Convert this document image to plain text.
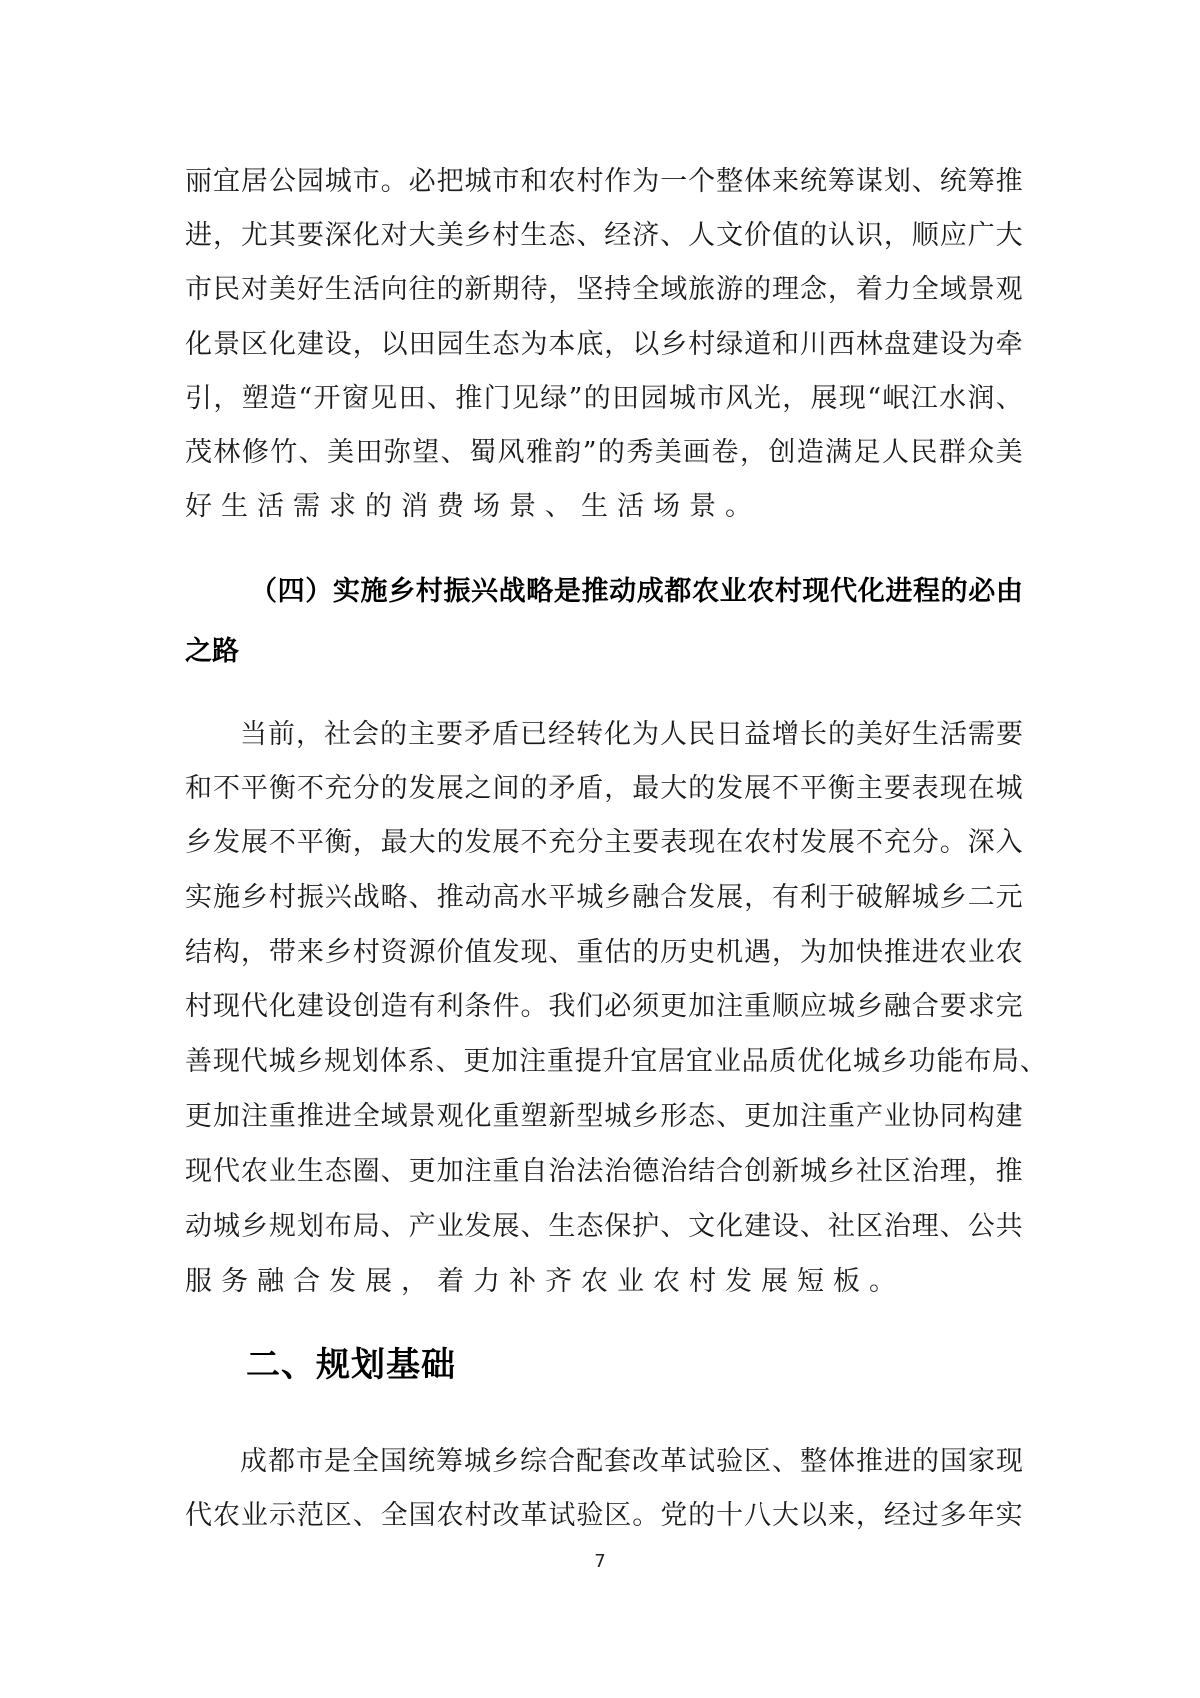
丽 宜 居 公 园 城 市 。 必 把 城 市 和 农 村 作 为 一 个 整 体 来 统 筹 谋 划 、 统 筹 推
进 ， 尤 其 要 深 化 对 大 美 乡 村 生 态 、 经 济 、 人 文 价 值 的 认 识 ， 顺 应 广 大
市 民 对 美 好 生 活 向 往 的 新 期 待 ， 坚 持 全 域 旅 游 的 理 念 ， 着 力 全 域 景 观
化 景 区 化 建 设 ， 以 田 园 生 态 为 本 底 ， 以 乡 村 绿 道 和 川 西 林 盘 建 设 为 牵
引 ， 塑 造 “ 开 窗 见 田 、 推 门 见 绿 ” 的 田 园 城 市 风 光 ， 展 现 “ 岷 江 水 润 、
茂 林 修 竹 、 美 田 弥 望 、 蜀 风 雅 韵 ” 的 秀 美 画 卷 ， 创 造 满 足 人 民 群 众 美
好生活需求的消费场景、生活场景。
（ 四 ） 实 施 乡 村 振 兴 战 略 是 推 动 成 都 农 业 农 村 现 代 化 进 程 的 必 由
之路
当 前 ， 社 会 的 主 要 矛 盾 已 经 转 化 为 人 民 日 益 增 长 的 美 好 生 活 需 要
和 不 平 衡 不 充 分 的 发 展 之 间 的 矛 盾 ， 最 大 的 发 展 不 平 衡 主 要 表 现 在 城
乡 发 展 不 平 衡 ， 最 大 的 发 展 不 充 分 主 要 表 现 在 农 村 发 展 不 充 分 。 深 入
实 施 乡 村 振 兴 战 略 、 推 动 高 水 平 城 乡 融 合 发 展 ， 有 利 于 破 解 城 乡 二 元
结 构 ， 带 来 乡 村 资 源 价 值 发 现 、 重 估 的 历 史 机 遇 ， 为 加 快 推 进 农 业 农
村 现 代 化 建 设 创 造 有 利 条 件 。 我 们 必 须 更 加 注 重 顺 应 城 乡 融 合 要 求 完
善 现 代 城 乡 规 划 体 系 、 更 加 注 重 提 升 宜 居 宜 业 品 质 优 化 城 乡 功 能 布 局 、
更 加 注 重 推 进 全 域 景 观 化 重 塑 新 型 城 乡 形 态 、 更 加 注 重 产 业 协 同 构 建
现 代 农 业 生 态 圈 、 更 加 注 重 自 治 法 治 德 治 结 合 创 新 城 乡 社 区 治 理 ， 推
动 城 乡 规 划 布 局 、 产 业 发 展 、 生 态 保 护 、 文 化 建 设 、 社 区 治 理 、 公 共
服务融合发展，着力补齐农业农村发展短板。
二、规划基础
成 都 市 是 全 国 统 筹 城 乡 综 合 配 套 改 革 试 验 区 、 整 体 推 进 的 国 家 现
代 农 业 示 范 区 、 全 国 农 村 改 革 试 验 区 。 党 的 十 八 大 以 来 ， 经 过 多 年 实
7
